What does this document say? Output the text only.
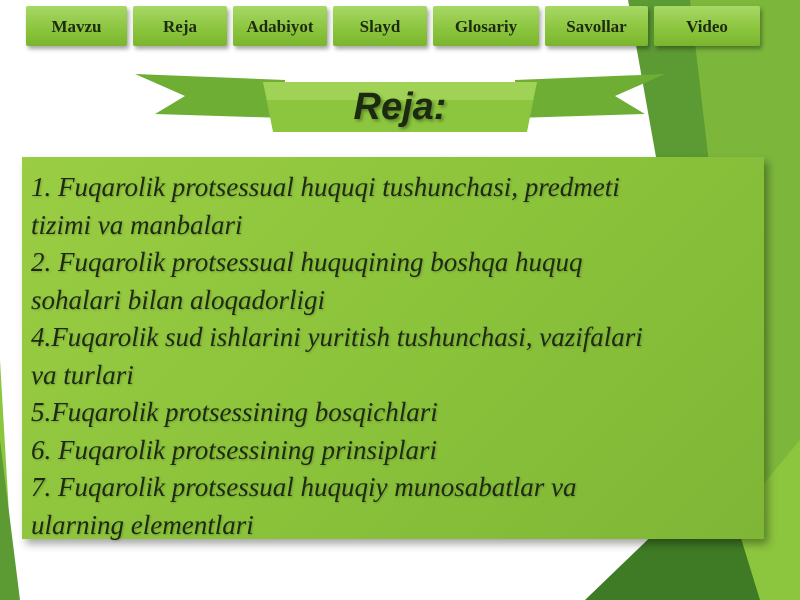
Mavzu	Reja	Adabiyot	Slayd	Glosariy	Savollar	Video
Reja:
1. Fuqarolik protsessual huquqi tushunchasi, predmeti
tizimi va manbalari
2. Fuqarolik protsessual huquqining boshqa huquq
sohalari bilan aloqadorligi
4.Fuqarolik sud ishlarini yuritish tushunchasi, vazifalari
va turlari
5.Fuqarolik protsessining bosqichlari
6. Fuqarolik protsessining prinsiplari
7. Fuqarolik protsessual huquqiy munosabatlar va
ularning elementlari
